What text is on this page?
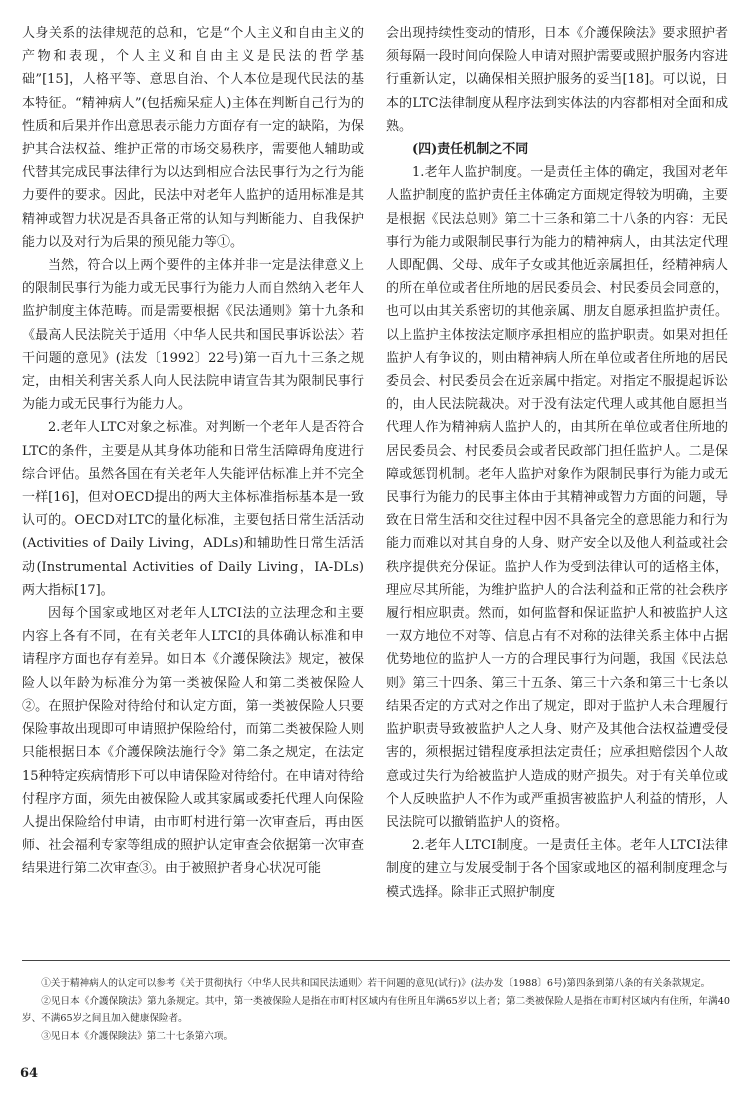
人身关系的法律规范的总和，它是“个人主义和自由主义的产物和表现，个人主义和自由主义是民法的哲学基础”[15]，人格平等、意思自治、个人本位是现代民法的基本特征。“精神病人”(包括痴呆症人)主体在判断自己行为的性质和后果并作出意思表示能力方面存有一定的缺陷，为保护其合法权益、维护正常的市场交易秩序，需要他人辅助或代替其完成民事法律行为以达到相应合法民事行为之行为能力要件的要求。因此，民法中对老年人监护的适用标准是其精神或智力状况是否具备正常的认知与判断能力、自我保护能力以及对行为后果的预见能力等①。

当然，符合以上两个要件的主体并非一定是法律意义上的限制民事行为能力或无民事行为能力人而自然纳入老年人监护制度主体范畴。而是需要根据《民法通则》第十九条和《最高人民法院关于适用〈中华人民共和国民事诉讼法〉若干问题的意见》(法发〔1992〕22号)第一百九十三条之规定，由相关利害关系人向人民法院申请宣告其为限制民事行为能力或无民事行为能力人。

2.老年人LTC对象之标准。对判断一个老年人是否符合LTC的条件，主要是从其身体功能和日常生活障碍角度进行综合评估。虽然各国在有关老年人失能评估标准上并不完全一样[16]，但对OECD提出的两大主体标准指标基本是一致认可的。OECD对LTC的量化标准，主要包括日常生活活动(Activities of Daily Living，ADLs)和辅助性日常生活活动(Instrumental Activities of Daily Living，IA-DLs)两大指标[17]。

因每个国家或地区对老年人LTCI法的立法理念和主要内容上各有不同，在有关老年人LTCI的具体确认标准和申请程序方面也存有差异。如日本《介護保険法》规定，被保险人以年龄为标准分为第一类被保险人和第二类被保险人②。在照护保险对待给付和认定方面，第一类被保险人只要保险事故出现即可申请照护保险给付，而第二类被保险人则只能根据日本《介護保険法施行令》第二条之规定，在法定15种特定疾病情形下可以申请保险对待给付。在申请对待给付程序方面，须先由被保险人或其家属或委托代理人向保险人提出保险给付申请，由市町村进行第一次审查后，再由医师、社会福利专家等组成的照护认定审查会依据第一次审查结果进行第二次审查③。由于被照护者身心状况可能

会出现持续性变动的情形，日本《介護保険法》要求照护者须每隔一段时间向保险人申请对照护需要或照护服务内容进行重新认定，以确保相关照护服务的妥当[18]。可以说，日本的LTC法律制度从程序法到实体法的内容都相对全面和成熟。

(四)责任机制之不同

1.老年人监护制度。一是责任主体的确定，我国对老年人监护制度的监护责任主体确定方面规定得较为明确，主要是根据《民法总则》第二十三条和第二十八条的内容：无民事行为能力或限制民事行为能力的精神病人，由其法定代理人即配偶、父母、成年子女或其他近亲属担任，经精神病人的所在单位或者住所地的居民委员会、村民委员会同意的，也可以由其关系密切的其他亲属、朋友自愿承担监护责任。以上监护主体按法定顺序承担相应的监护职责。如果对担任监护人有争议的，则由精神病人所在单位或者住所地的居民委员会、村民委员会在近亲属中指定。对指定不服提起诉讼的，由人民法院裁决。对于没有法定代理人或其他自愿担当代理人作为精神病人监护人的，由其所在单位或者住所地的居民委员会、村民委员会或者民政部门担任监护人。二是保障或惩罚机制。老年人监护对象作为限制民事行为能力或无民事行为能力的民事主体由于其精神或智力方面的问题，导致在日常生活和交往过程中因不具备完全的意思能力和行为能力而难以对其自身的人身、财产安全以及他人利益或社会秩序提供充分保证。监护人作为受到法律认可的适格主体，理应尽其所能，为维护监护人的合法利益和正常的社会秩序履行相应职责。然而，如何监督和保证监护人和被监护人这一双方地位不对等、信息占有不对称的法律关系主体中占据优势地位的监护人一方的合理民事行为问题，我国《民法总则》第三十四条、第三十五条、第三十六条和第三十七条以结果否定的方式对之作出了规定，即对于监护人未合理履行监护职责导致被监护人之人身、财产及其他合法权益遭受侵害的，须根据过错程度承担法定责任；应承担赔偿因个人故意或过失行为给被监护人造成的财产损失。对于有关单位或个人反映监护人不作为或严重损害被监护人利益的情形，人民法院可以撤销监护人的资格。

2.老年人LTCI制度。一是责任主体。老年人LTCI法律制度的建立与发展受制于各个国家或地区的福利制度理念与模式选择。除非正式照护制度

①关于精神病人的认定可以参考《关于贯彻执行〈中华人民共和国民法通则〉若干问题的意见(试行)》(法办发〔1988〕6号)第四条到第八条的有关条款规定。

②见日本《介護保険法》第九条规定。其中，第一类被保险人是指在市町村区域内有住所且年满65岁以上者；第二类被保险人是指在市町村区域内有住所，年满40岁、不满65岁之间且加入健康保险者。

③见日本《介護保険法》第二十七条第六项。

64
